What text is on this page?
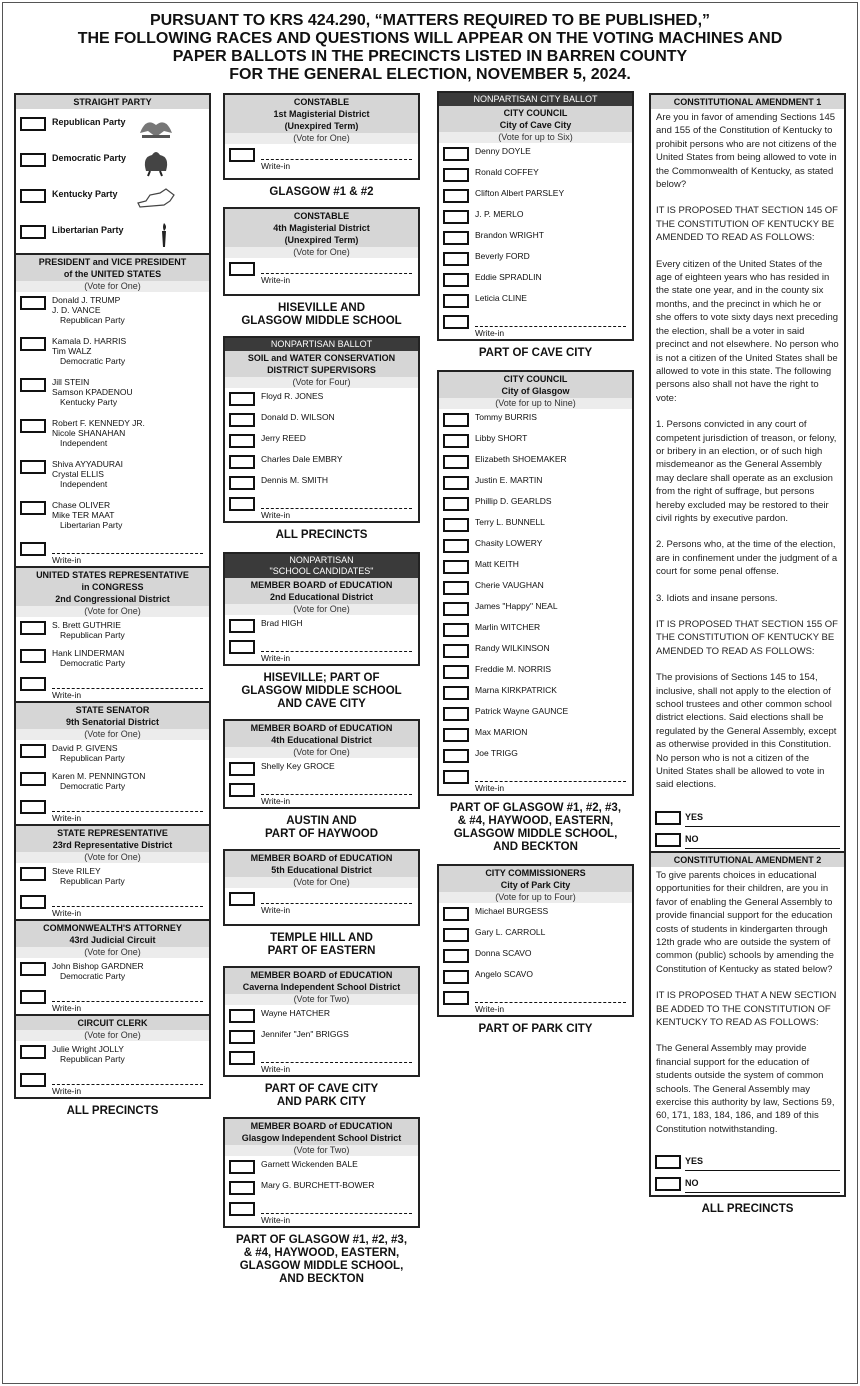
PURSUANT TO KRS 424.290, “MATTERS REQUIRED TO BE PUBLISHED,”
THE FOLLOWING RACES AND QUESTIONS WILL APPEAR ON THE VOTING MACHINES AND
PAPER BALLOTS IN THE PRECINCTS LISTED IN BARREN COUNTY
FOR THE GENERAL ELECTION, NOVEMBER 5, 2024.
STRAIGHT PARTY
Republican Party
Democratic Party
Kentucky Party
Libertarian Party
PRESIDENT and VICE PRESIDENT
of the UNITED STATES
(Vote for One)
Donald J. TRUMP
J. D. VANCE
Republican Party
Kamala D. HARRIS
Tim WALZ
Democratic Party
Jill STEIN
Samson KPADENOU
Kentucky Party
Robert F. KENNEDY JR.
Nicole SHANAHAN
Independent
Shiva AYYADURAI
Crystal ELLIS
Independent
Chase OLIVER
Mike TER MAAT
Libertarian Party
Write-in
UNITED STATES REPRESENTATIVE
in CONGRESS
2nd Congressional District
(Vote for One)
S. Brett GUTHRIE
Republican Party
Hank LINDERMAN
Democratic Party
Write-in
STATE SENATOR
9th Senatorial District
(Vote for One)
David P. GIVENS
Republican Party
Karen M. PENNINGTON
Democratic Party
Write-in
STATE REPRESENTATIVE
23rd Representative District
(Vote for One)
Steve RILEY
Republican Party
Write-in
COMMONWEALTH'S ATTORNEY
43rd Judicial Circuit
(Vote for One)
John Bishop GARDNER
Democratic Party
Write-in
CIRCUIT CLERK
(Vote for One)
Julie Wright JOLLY
Republican Party
Write-in
ALL PRECINCTS
CONSTABLE
1st Magisterial District
(Unexpired Term)
(Vote for One)
Write-in
GLASGOW #1 & #2
CONSTABLE
4th Magisterial District
(Unexpired Term)
(Vote for One)
Write-in
HISEVILLE AND
GLASGOW MIDDLE SCHOOL
NONPARTISAN BALLOT
SOIL and WATER CONSERVATION
DISTRICT SUPERVISORS
(Vote for Four)
Floyd R. JONES
Donald D. WILSON
Jerry REED
Charles Dale EMBRY
Dennis M. SMITH
Write-in
ALL PRECINCTS
NONPARTISAN
"SCHOOL CANDIDATES"
MEMBER BOARD of EDUCATION
2nd Educational District
(Vote for One)
Brad HIGH
Write-in
HISEVILLE; PART OF
GLASGOW MIDDLE SCHOOL
AND CAVE CITY
MEMBER BOARD of EDUCATION
4th Educational District
(Vote for One)
Shelly Key GROCE
Write-in
AUSTIN AND
PART OF HAYWOOD
MEMBER BOARD of EDUCATION
5th Educational District
(Vote for One)
Write-in
TEMPLE HILL AND
PART OF EASTERN
MEMBER BOARD of EDUCATION
Caverna Independent School District
(Vote for Two)
Wayne HATCHER
Jennifer "Jen" BRIGGS
Write-in
PART OF CAVE CITY
AND PARK CITY
MEMBER BOARD of EDUCATION
Glasgow Independent School District
(Vote for Two)
Garnett Wickenden BALE
Mary G. BURCHETT-BOWER
Write-in
PART OF GLASGOW #1, #2, #3,
& #4, HAYWOOD, EASTERN,
GLASGOW MIDDLE SCHOOL,
AND BECKTON
NONPARTISAN CITY BALLOT
CITY COUNCIL
City of Cave City
(Vote for up to Six)
Denny DOYLE
Ronald COFFEY
Clifton Albert PARSLEY
J. P. MERLO
Brandon WRIGHT
Beverly FORD
Eddie SPRADLIN
Leticia CLINE
Write-in
PART OF CAVE CITY
CITY COUNCIL
City of Glasgow
(Vote for up to Nine)
Tommy BURRIS
Libby SHORT
Elizabeth SHOEMAKER
Justin E. MARTIN
Phillip D. GEARLDS
Terry L. BUNNELL
Chasity LOWERY
Matt KEITH
Cherie VAUGHAN
James "Happy" NEAL
Marlin WITCHER
Randy WILKINSON
Freddie M. NORRIS
Marna KIRKPATRICK
Patrick Wayne GAUNCE
Max MARION
Joe TRIGG
Write-in
PART OF GLASGOW #1, #2, #3,
& #4, HAYWOOD, EASTERN,
GLASGOW MIDDLE SCHOOL,
AND BECKTON
CITY COMMISSIONERS
City of Park City
(Vote for up to Four)
Michael BURGESS
Gary L. CARROLL
Donna SCAVO
Angelo SCAVO
Write-in
PART OF PARK CITY
CONSTITUTIONAL AMENDMENT 1

Are you in favor of amending Sections 145 and 155 of the Constitution of Kentucky to prohibit persons who are not citizens of the United States from being allowed to vote in the Commonwealth of Kentucky, as stated below?

IT IS PROPOSED THAT SECTION 145 OF THE CONSTITUTION OF KENTUCKY BE AMENDED TO READ AS FOLLOWS:

Every citizen of the United States of the age of eighteen years who has resided in the state one year, and in the county six months, and the precinct in which he or she offers to vote sixty days next preceding the election, shall be a voter in said precinct and not elsewhere. No person who is not a citizen of the United States shall be allowed to vote in this state. The following persons also shall not have the right to vote:

1. Persons convicted in any court of competent jurisdiction of treason, or felony, or bribery in an election, or of such high misdemeanor as the General Assembly may declare shall operate as an exclusion from the right of suffrage, but persons hereby excluded may be restored to their civil rights by executive pardon.

2. Persons who, at the time of the election, are in confinement under the judgment of a court for some penal offense.

3. Idiots and insane persons.

IT IS PROPOSED THAT SECTION 155 OF THE CONSTITUTION OF KENTUCKY BE AMENDED TO READ AS FOLLOWS:

The provisions of Sections 145 to 154, inclusive, shall not apply to the election of school trustees and other common school district elections. Said elections shall be regulated by the General Assembly, except as otherwise provided in this Constitution. No person who is not a citizen of the United States shall be allowed to vote in said elections.

YES
NO
CONSTITUTIONAL AMENDMENT 2

To give parents choices in educational opportunities for their children, are you in favor of enabling the General Assembly to provide financial support for the education costs of students in kindergarten through 12th grade who are outside the system of common (public) schools by amending the Constitution of Kentucky as stated below?

IT IS PROPOSED THAT A NEW SECTION BE ADDED TO THE CONSTITUTION OF KENTUCKY TO READ AS FOLLOWS:

The General Assembly may provide financial support for the education of students outside the system of common schools. The General Assembly may exercise this authority by law, Sections 59, 60, 171, 183, 184, 186, and 189 of this Constitution notwithstanding.

YES
NO
ALL PRECINCTS
